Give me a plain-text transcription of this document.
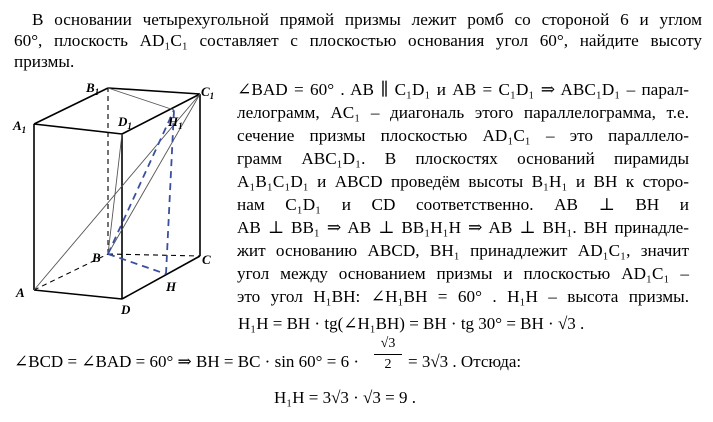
В основании четырехугольной прямой призмы лежит ромб со стороной 6 и углом
60°, плоскость AD₁C₁ составляет с плоскостью основания угол 60°, найдите высоту
призмы.
$B_1$	$C_1$
$A_1$
$D_1$	$H_1$
B	C
A
D
H
∠BAD = 60° . AB ∥ C₁D₁ и AB = C₁D₁ ⇒ ABC₁D₁ – парал-
лелограмм, AC₁ – диагональ этого параллелограмма, т.е.
сечение призмы плоскостью AD₁C₁ – это параллело-
грамм ABC₁D₁. В плоскостях оснований пирамиды
A₁B₁C₁D₁ и ABCD проведём высоты B₁H₁ и BH к сторо-
нам C₁D₁ и CD соответственно. AB ⊥ BH и
AB ⊥ BB₁ ⇒ AB ⊥ BB₁H₁H ⇒ AB ⊥ BH₁. BH принадле-
жит основанию ABCD, BH₁ принадлежит AD₁C₁, значит
угол между основанием призмы и плоскостью AD₁C₁ –
это угол H₁BH: ∠H₁BH = 60° . H₁H – высота призмы.
H₁H = BH · tg(∠H₁BH) = BH · tg 30° = BH · √3 .
∠BCD = ∠BAD = 60° ⇒ BH = BC · $\sin 60^\circ = 6 \cdot \frac{√3}{2} = 3√3$ . Отсюда:
H₁H = 3√3 · √3 = 9 .
